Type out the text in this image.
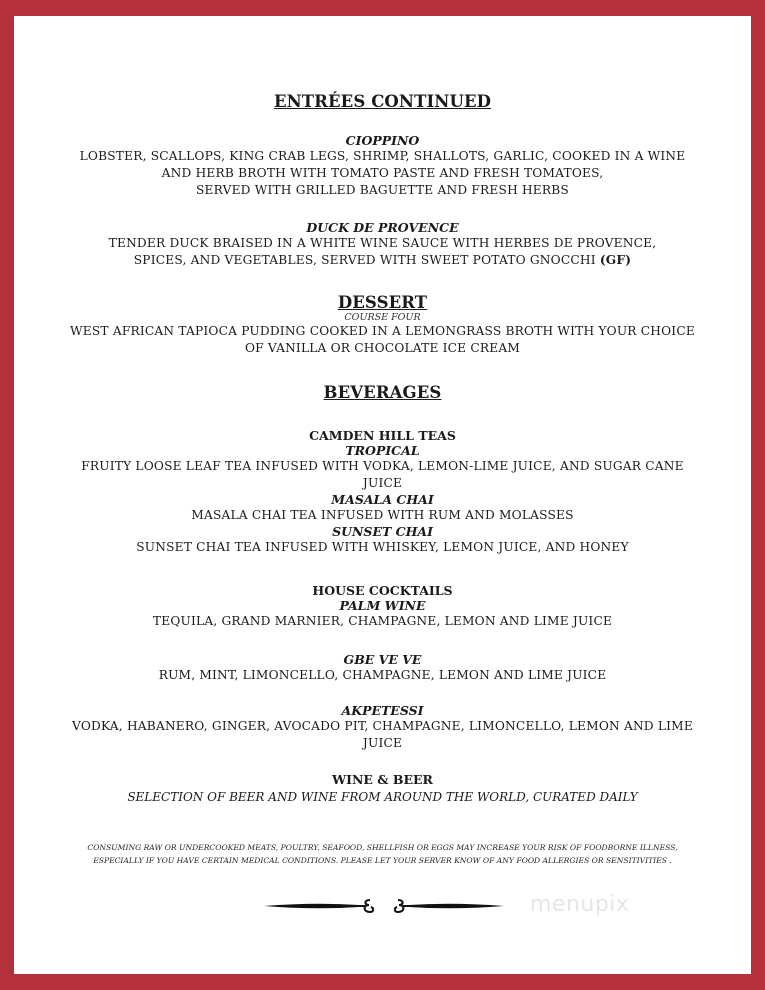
ENTRÉES CONTINUED

CIOPPINO

LOBSTER, SCALLOPS, KING CRAB LEGS, SHRIMP, SHALLOTS, GARLIC, COOKED IN A WINE

AND HERB BROTH WITH TOMATO PASTE AND FRESH TOMATOES,

SERVED WITH GRILLED BAGUETTE AND FRESH HERBS

DUCK DE PROVENCE

TENDER DUCK BRAISED IN A WHITE WINE SAUCE WITH HERBES DE PROVENCE,

SPICES, AND VEGETABLES, SERVED WITH SWEET POTATO GNOCCHI (GF)

DESSERT

COURSE FOUR

WEST AFRICAN TAPIOCA PUDDING COOKED IN A LEMONGRASS BROTH WITH YOUR CHOICE

OF VANILLA OR CHOCOLATE ICE CREAM

BEVERAGES

CAMDEN HILL TEAS

TROPICAL

FRUITY LOOSE LEAF TEA INFUSED WITH VODKA, LEMON-LIME JUICE, AND SUGAR CANE

JUICE

MASALA CHAI

MASALA CHAI TEA INFUSED WITH RUM AND MOLASSES

SUNSET CHAI

SUNSET CHAI TEA INFUSED WITH WHISKEY, LEMON JUICE, AND HONEY

HOUSE COCKTAILS

PALM WINE

TEQUILA, GRAND MARNIER, CHAMPAGNE, LEMON AND LIME JUICE

GBE VE VE

RUM, MINT, LIMONCELLO, CHAMPAGNE, LEMON AND LIME JUICE

AKPETESSI

VODKA, HABANERO, GINGER, AVOCADO PIT, CHAMPAGNE, LIMONCELLO, LEMON AND LIME

JUICE

WINE & BEER

SELECTION OF BEER AND WINE FROM AROUND THE WORLD, CURATED DAILY

CONSUMING RAW OR UNDERCOOKED MEATS, POULTRY, SEAFOOD, SHELLFISH OR EGGS MAY INCREASE YOUR RISK OF FOODBORNE ILLNESS,

ESPECIALLY IF YOU HAVE CERTAIN MEDICAL CONDITIONS. PLEASE LET YOUR SERVER KNOW OF ANY FOOD ALLERGIES OR SENSITIVITIES .

menupix
